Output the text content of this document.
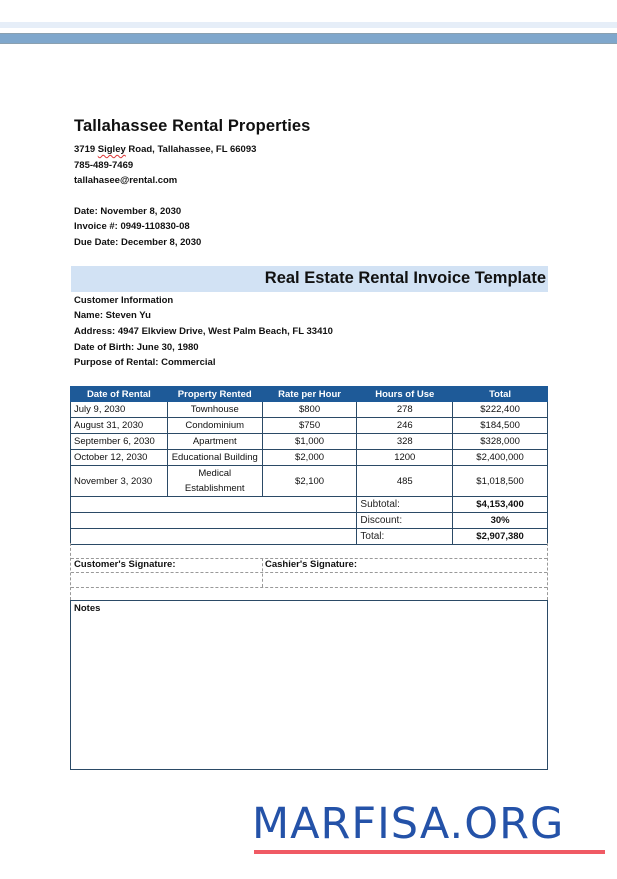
Tallahassee Rental Properties
3719 Sigley Road, Tallahassee, FL 66093
785-489-7469
tallahasee@rental.com
Date: November 8, 2030
Invoice #: 0949-110830-08
Due Date: December 8, 2030
Real Estate Rental Invoice Template
Customer Information
Name: Steven Yu
Address: 4947 Elkview Drive, West Palm Beach, FL 33410
Date of Birth: June 30, 1980
Purpose of Rental: Commercial
Date of Rental	Property Rented	Rate per Hour	Hours of Use	Total
July 9, 2030	Townhouse	$800	278	$222,400
August 31, 2030	Condominium	$750	246	$184,500
September 6, 2030	Apartment	$1,000	328	$328,000
October 12, 2030	Educational Building	$2,000	1200	$2,400,000
November 3, 2030	Medical Establishment	$2,100	485	$1,018,500
			Subtotal:	$4,153,400
			Discount:	30%
			Total:	$2,907,380
Customer's Signature:	Cashier's Signature:
Notes
MARFISA.ORG
